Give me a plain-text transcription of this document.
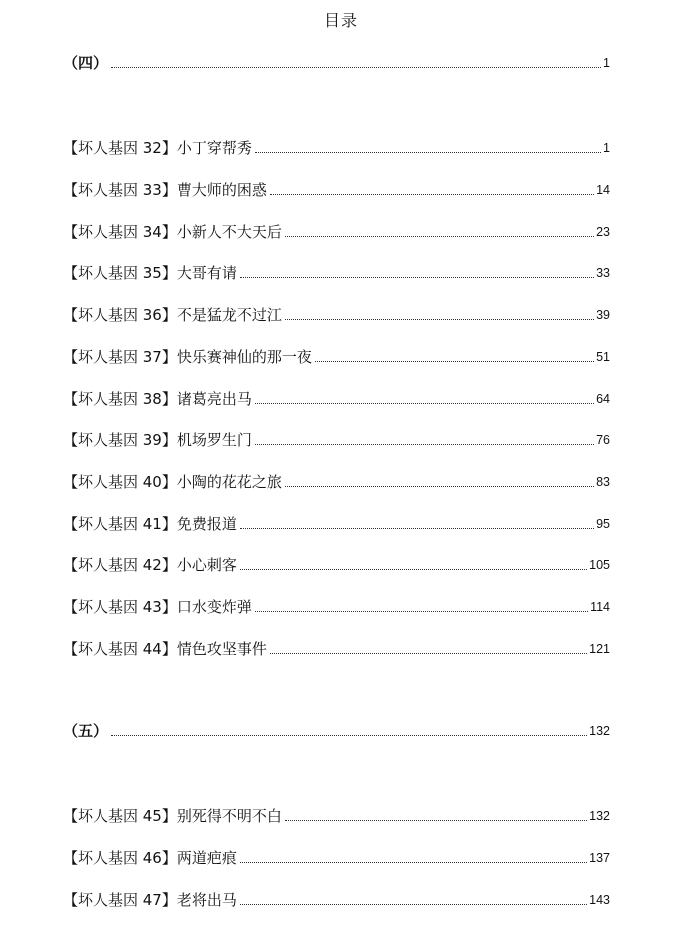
目录
（四）	1
【坏人基因 32】小丁穿帮秀	1
【坏人基因 33】曹大师的困惑	14
【坏人基因 34】小新人不大天后	23
【坏人基因 35】大哥有请	33
【坏人基因 36】不是猛龙不过江	39
【坏人基因 37】快乐赛神仙的那一夜	51
【坏人基因 38】诸葛亮出马	64
【坏人基因 39】机场罗生门	76
【坏人基因 40】小陶的花花之旅	83
【坏人基因 41】免费报道	95
【坏人基因 42】小心刺客	105
【坏人基因 43】口水变炸弹	114
【坏人基因 44】情色攻坚事件	121
（五）	132
【坏人基因 45】别死得不明不白	132
【坏人基因 46】两道疤痕	137
【坏人基因 47】老将出马	143
